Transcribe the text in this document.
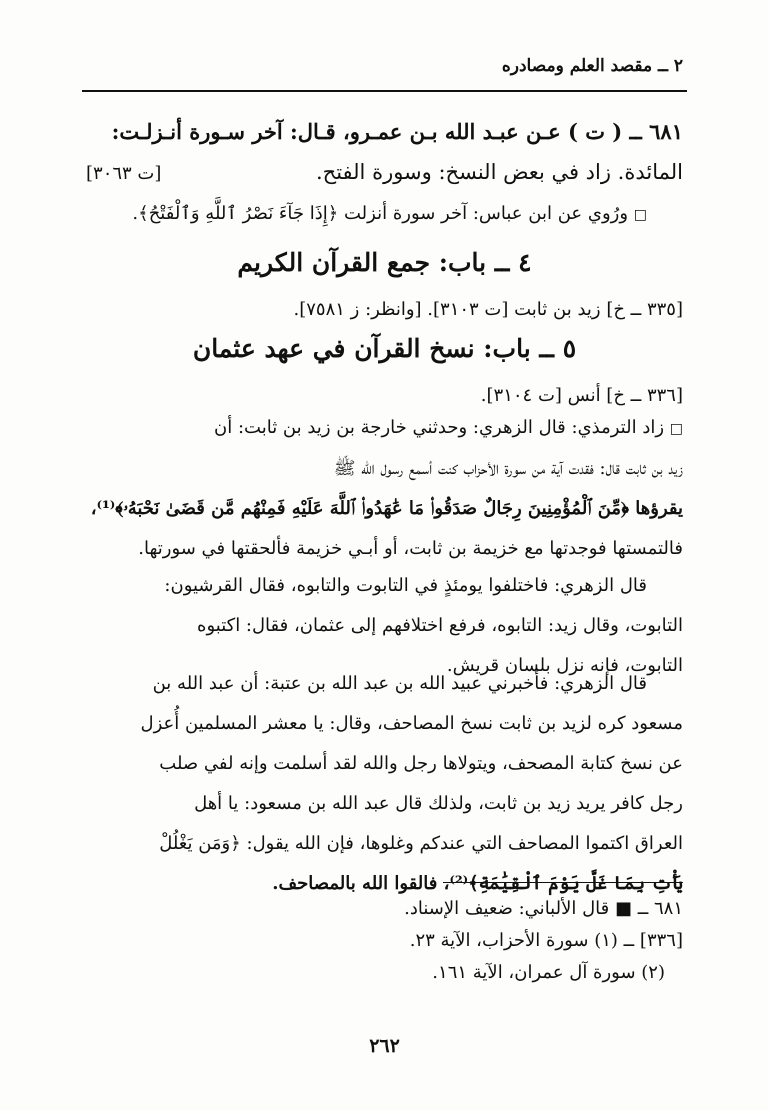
٢ ــ مقصد العلم ومصادره
٦٨١ ــ ( ت ) عـن عبـد الله بـن عمـرو، قـال: آخر سـورة أنـزلـت:
المائدة. زاد في بعض النسخ: وسورة الفتح.
[ت ٣٠٦٣]
□ ورُوي عن ابن عباس: آخر سورة أنزلت ﴿إِذَا جَآءَ نَصْرُ ٱللَّهِ وَٱلْفَتْحُ﴾.
٤ ــ باب: جمع القرآن الكريم
[٣٣٥ ــ خ] زيد بن ثابت [ت ٣١٠٣]. [وانظر: ز ٧٥٨١].
٥ ــ باب: نسخ القرآن في عهد عثمان
[٣٣٦ ــ خ] أنس [ت ٣١٠٤].
□ زاد الترمذي: قال الزهري: وحدثني خارجة بن زيد بن ثابت: أن
زيد بن ثابت قال: فقدت آية من سورة الأحزاب كنت أسمع رسول الله ﷺ
يقرؤها ﴿مِّنَ ٱلْمُؤْمِنِينَ رِجَالٌ صَدَقُوا۟ مَا عَٰهَدُوا۟ ٱللَّهَ عَلَيْهِ فَمِنْهُم مَّن قَضَىٰ نَحْبَهُۥ﴾⁽¹⁾،
فالتمستها فوجدتها مع خزيمة بن ثابت، أو أبـي خزيمة فألحقتها في سورتها.
قال الزهري: فاختلفوا يومئذٍ في التابوت والتابوه، فقال القرشيون:
التابوت، وقال زيد: التابوه، فرفع اختلافهم إلى عثمان، فقال: اكتبوه
التابوت، فإنه نزل بلسان قريش.
قال الزهري: فأخبرني عبيد الله بن عبد الله بن عتبة: أن عبد الله بن
مسعود كره لزيد بن ثابت نسخ المصاحف، وقال: يا معشر المسلمين أُعزل
عن نسخ كتابة المصحف، ويتولاها رجل والله لقد أسلمت وإنه لفي صلب
رجل كافر يريد زيد بن ثابت، ولذلك قال عبد الله بن مسعود: يا أهل
العراق اكتموا المصاحف التي عندكم وغلوها، فإن الله يقول: ﴿وَمَن يَغْلُلْ
يَأْتِ بِمَا غَلَّ يَوْمَ ٱلْقِيَٰمَةِ﴾⁽²⁾، فالقوا الله بالمصاحف.
٦٨١ ــ ■ قال الألباني: ضعيف الإسناد.
[٣٣٦] ــ (١) سورة الأحزاب، الآية ٢٣.
(٢) سورة آل عمران، الآية ١٦١.
٢٦٢
